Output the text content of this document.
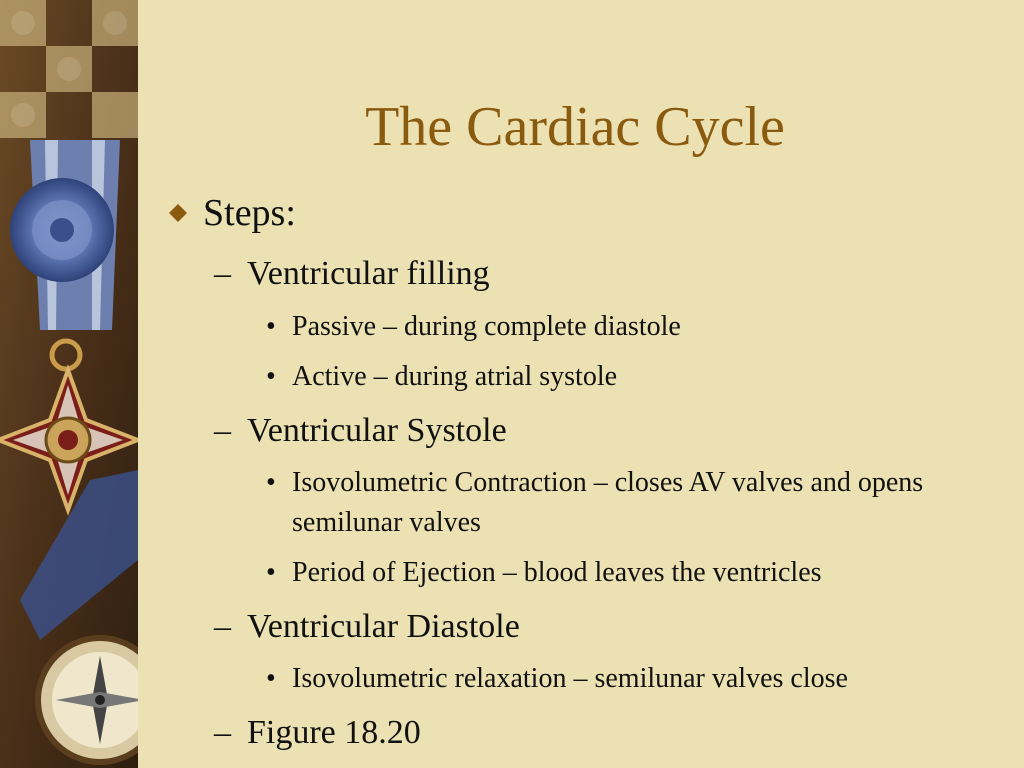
The Cardiac Cycle
Steps:
– Ventricular filling
• Passive – during complete diastole
• Active – during atrial systole
– Ventricular Systole
• Isovolumetric Contraction – closes AV valves and opens semilunar valves
• Period of Ejection – blood leaves the ventricles
– Ventricular Diastole
• Isovolumetric relaxation – semilunar valves close
– Figure 18.20
